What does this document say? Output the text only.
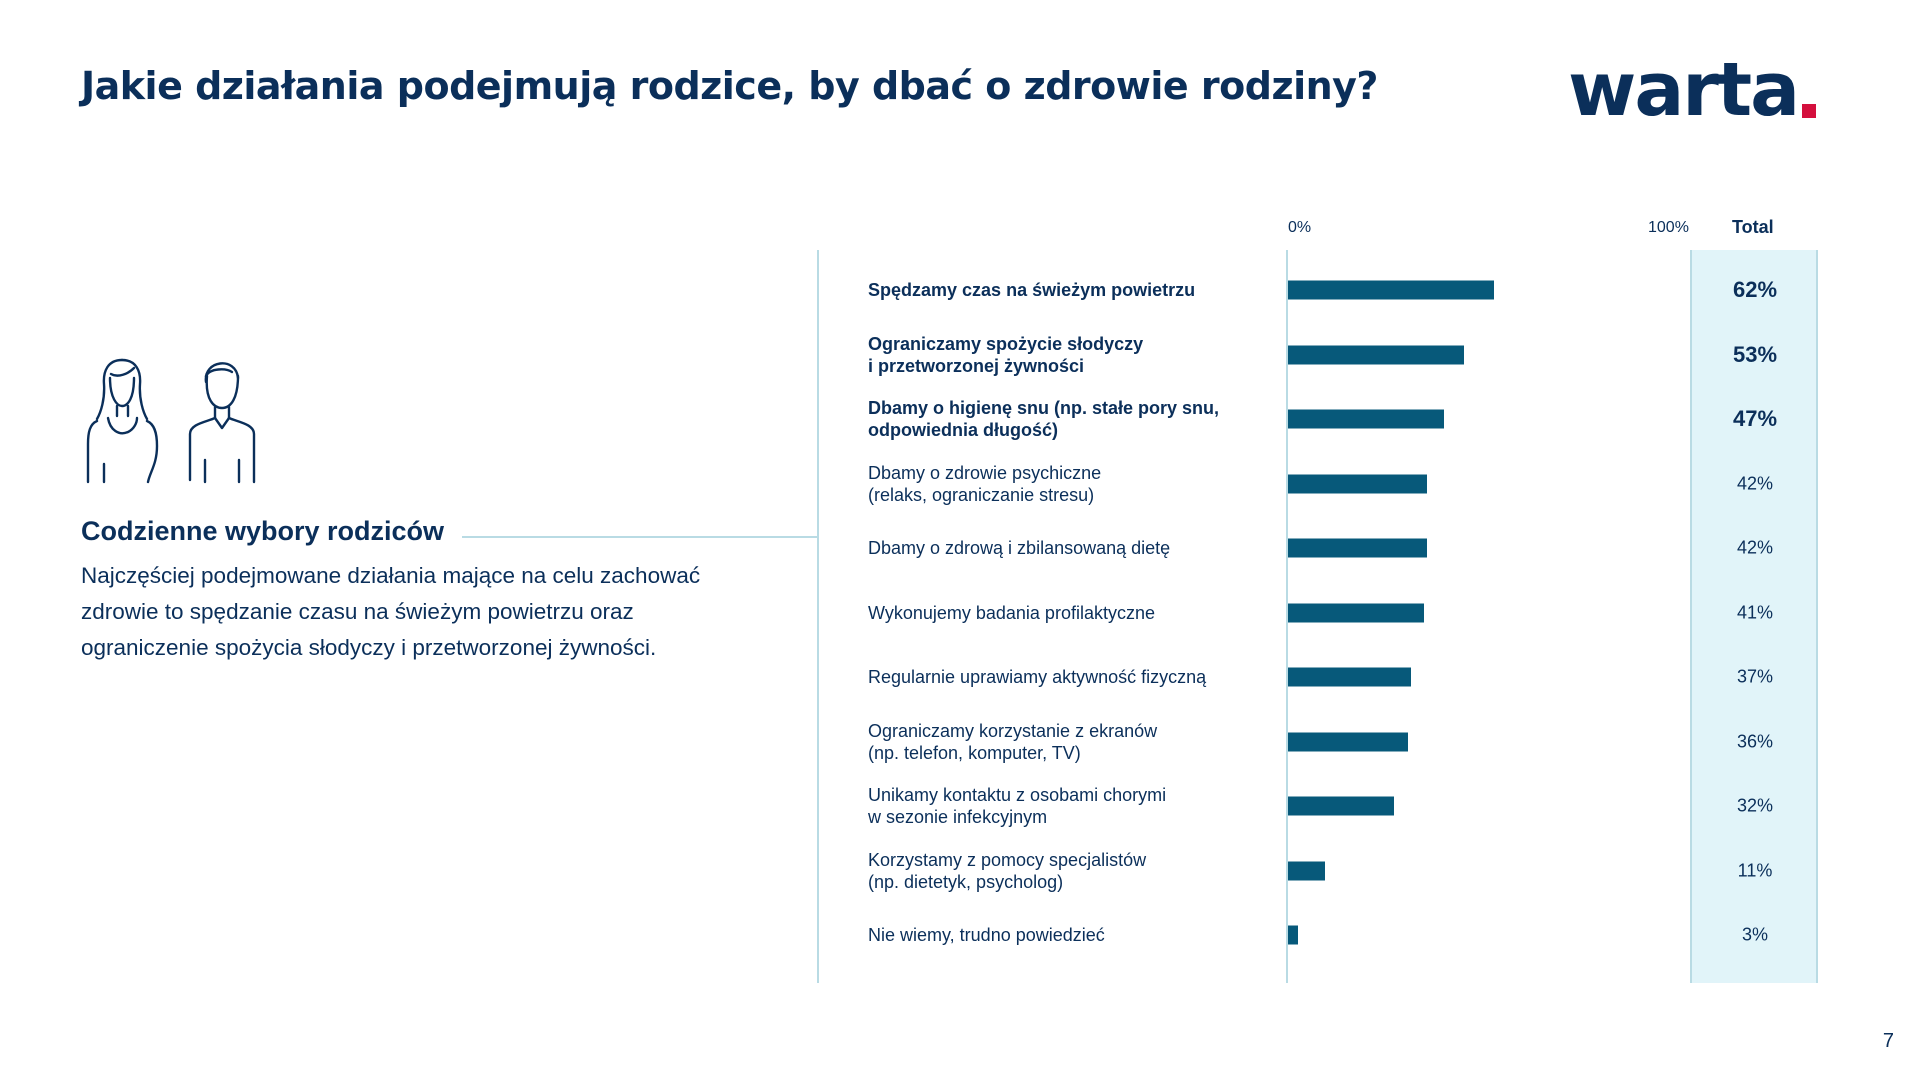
Jakie działania podejmują rodzice, by dbać o zdrowie rodziny?	warta
Codzienne wybory rodziców

Najczęściej podejmowane działania mające na celu zachować zdrowie to spędzanie czasu na świeżym powietrzu oraz ograniczenie spożycia słodyczy i przetworzonej żywności.

0%	100% Total
Spędzamy czas na świeżym powietrzu	62%
Ograniczamy spożycie słodyczy
i przetworzonej żywności	53%
Dbamy o higienę snu (np. stałe pory snu,
odpowiednia długość)	47%
Dbamy o zdrowie psychiczne
(relaks, ograniczanie stresu)
42%
Dbamy o zdrową i zbilansowaną dietę	42%
Wykonujemy badania profilaktyczne	41%
Regularnie uprawiamy aktywność fizyczną	37%
Ograniczamy korzystanie z ekranów
(np. telefon, komputer, TV)
36%
Unikamy kontaktu z osobami chorymi
w sezonie infekcyjnym
32%
Korzystamy z pomocy specjalistów
(np. dietetyk, psycholog)
11%
Nie wiemy, trudno powiedzieć	3%
7
